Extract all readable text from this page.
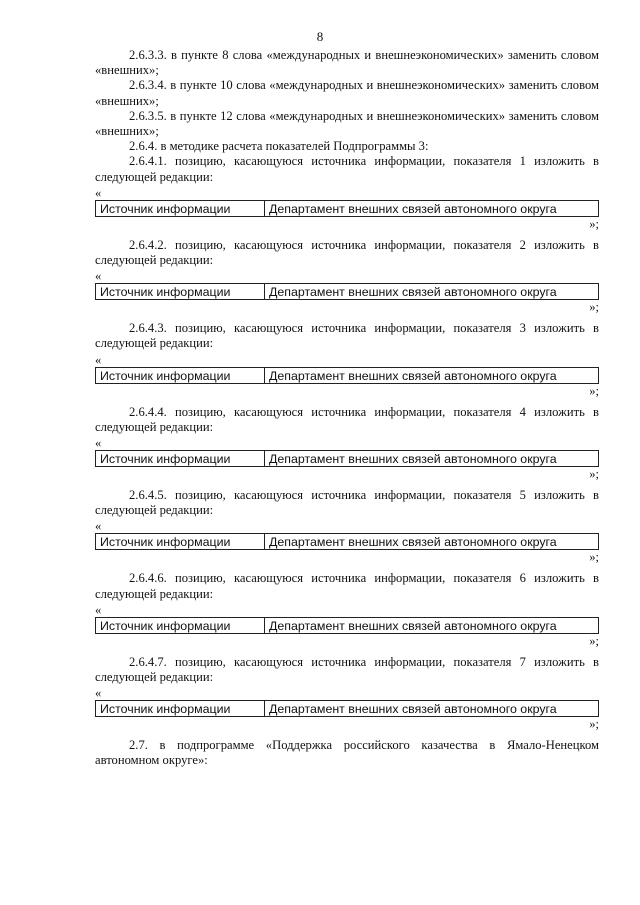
8

2.6.3.3. в пункте 8 слова «международных и внешнеэкономических» заменить словом «внешних»;

2.6.3.4. в пункте 10 слова «международных и внешнеэкономических» заменить словом «внешних»;

2.6.3.5. в пункте 12 слова «международных и внешнеэкономических» заменить словом «внешних»;

2.6.4. в методике расчета показателей Подпрограммы 3:

2.6.4.1. позицию, касающуюся источника информации, показателя 1 изложить в следующей редакции:

«
Источник информации	Департамент внешних связей автономного округа
»;

2.6.4.2. позицию, касающуюся источника информации, показателя 2 изложить в следующей редакции:

«
Источник информации	Департамент внешних связей автономного округа
»;

2.6.4.3. позицию, касающуюся источника информации, показателя 3 изложить в следующей редакции:

«
Источник информации	Департамент внешних связей автономного округа
»;

2.6.4.4. позицию, касающуюся источника информации, показателя 4 изложить в следующей редакции:

«
Источник информации	Департамент внешних связей автономного округа
»;

2.6.4.5. позицию, касающуюся источника информации, показателя 5 изложить в следующей редакции:

«
Источник информации	Департамент внешних связей автономного округа
»;

2.6.4.6. позицию, касающуюся источника информации, показателя 6 изложить в следующей редакции:

«
Источник информации	Департамент внешних связей автономного округа
»;

2.6.4.7. позицию, касающуюся источника информации, показателя 7 изложить в следующей редакции:

«
Источник информации	Департамент внешних связей автономного округа
»;

2.7. в подпрограмме «Поддержка российского казачества в Ямало-Ненецком автономном округе»:
